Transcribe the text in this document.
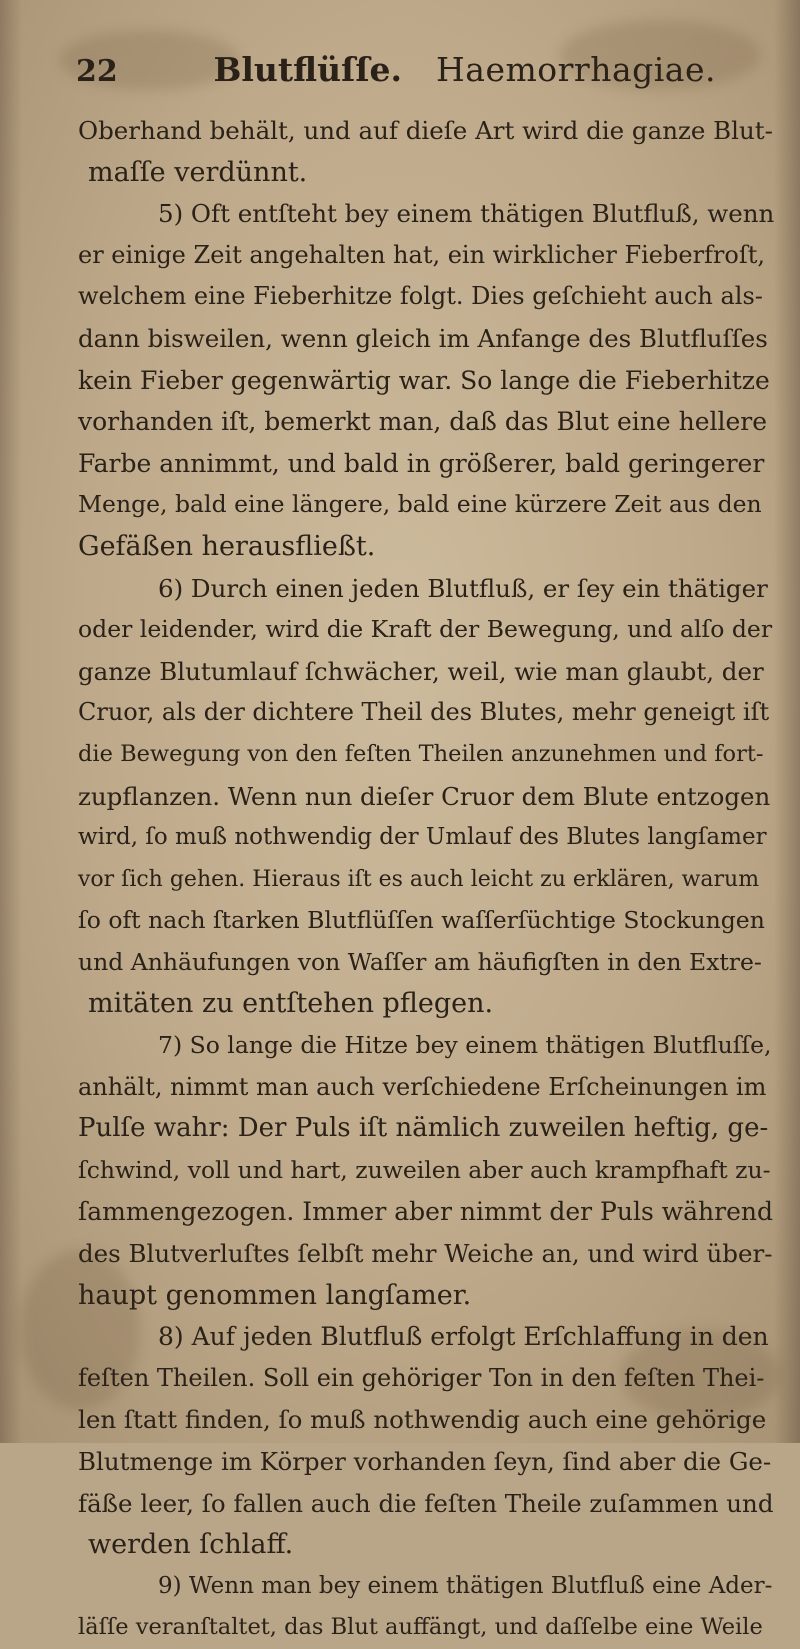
22	Blutflüſſe. Haemorrhagiae.
Oberhand behält, und auf dieſe Art wird die ganze Blut-
maſſe verdünnt.
5) Oft entſteht bey einem thätigen Blutfluß, wenn
er einige Zeit angehalten hat, ein wirklicher Fieberfroſt,
welchem eine Fieberhitze folgt. Dies geſchieht auch als-
dann bisweilen, wenn gleich im Anfange des Blutfluſſes
kein Fieber gegenwärtig war. So lange die Fieberhitze
vorhanden iſt, bemerkt man, daß das Blut eine hellere
Farbe annimmt, und bald in größerer, bald geringerer
Menge, bald eine längere, bald eine kürzere Zeit aus den
Gefäßen herausfließt.
6) Durch einen jeden Blutfluß, er ſey ein thätiger
oder leidender, wird die Kraft der Bewegung, und alſo der
ganze Blutumlauf ſchwächer, weil, wie man glaubt, der
Cruor, als der dichtere Theil des Blutes, mehr geneigt iſt
die Bewegung von den feſten Theilen anzunehmen und fort-
zupflanzen. Wenn nun dieſer Cruor dem Blute entzogen
wird, ſo muß nothwendig der Umlauf des Blutes langſamer
vor ſich gehen. Hieraus iſt es auch leicht zu erklären, warum
ſo oft nach ſtarken Blutflüſſen waſſerſüchtige Stockungen
und Anhäufungen von Waſſer am häufigſten in den Extre-
mitäten zu entſtehen pflegen.
7) So lange die Hitze bey einem thätigen Blutfluſſe,
anhält, nimmt man auch verſchiedene Erſcheinungen im
Pulſe wahr: Der Puls iſt nämlich zuweilen heftig, ge-
ſchwind, voll und hart, zuweilen aber auch krampfhaft zu-
ſammengezogen. Immer aber nimmt der Puls während
des Blutverluſtes ſelbſt mehr Weiche an, und wird über-
haupt genommen langſamer.
8) Auf jeden Blutfluß erfolgt Erſchlaffung in den
feſten Theilen. Soll ein gehöriger Ton in den feſten Thei-
len ſtatt finden, ſo muß nothwendig auch eine gehörige
Blutmenge im Körper vorhanden ſeyn, ſind aber die Ge-
fäße leer, ſo fallen auch die feſten Theile zuſammen und
werden ſchlaff.
9) Wenn man bey einem thätigen Blutfluß eine Ader-
läſſe veranſtaltet, das Blut auffängt, und daſſelbe eine Weile
